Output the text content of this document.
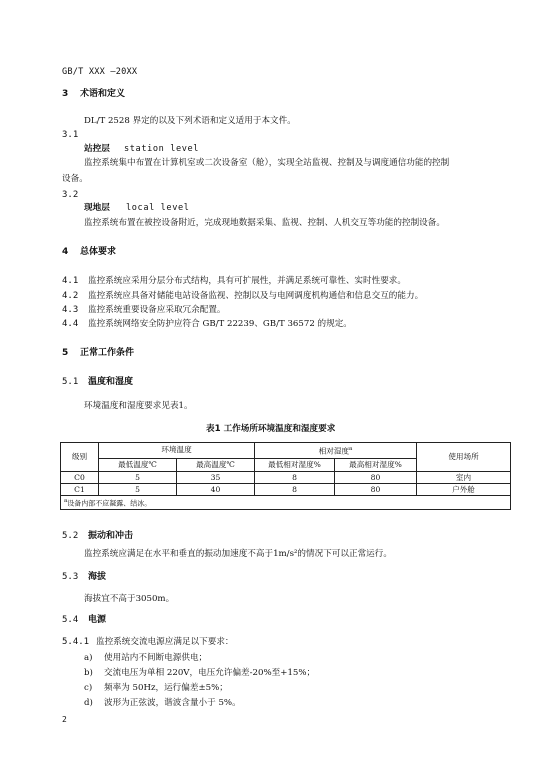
GB/T XXX —20XX
3 术语和定义
DL/T 2528 界定的以及下列术语和定义适用于本文件。
3.1
站控层 station level
监控系统集中布置在计算机室或二次设备室（舱），实现全站监视、控制及与调度通信功能的控制
设备。
3.2
现地层 local level
监控系统布置在被控设备附近，完成现地数据采集、监视、控制、人机交互等功能的控制设备。
4 总体要求
4.1 监控系统应采用分层分布式结构，具有可扩展性，并满足系统可靠性、实时性要求。
4.2 监控系统应具备对储能电站设备监视、控制以及与电网调度机构通信和信息交互的能力。
4.3 监控系统重要设备应采取冗余配置。
4.4 监控系统网络安全防护应符合 GB/T 22239、GB/T 36572 的规定。
5 正常工作条件
5.1 温度和湿度
环境温度和湿度要求见表1。
表1 工作场所环境温度和湿度要求
级别	环境温度		相对湿度$^a$		使用场所
	最低温度℃	最高温度℃	最低相对湿度%	最高相对湿度%	
C0	5	35	8	80	室内
C1	5	40	8	80	户外舱
$^a$设备内部不应凝露、结冰。					
5.2 振动和冲击
监控系统应满足在水平和垂直的振动加速度不高于1m/s²的情况下可以正常运行。
5.3 海拔
海拔宜不高于3050m。
5.4 电源
5.4.1 监控系统交流电源应满足以下要求：
a) 使用站内不间断电源供电；
b) 交流电压为单相 220V，电压允许偏差-20%至+15%；
c) 频率为 50Hz，运行偏差±5%；
d) 波形为正弦波，谐波含量小于 5%。
2
